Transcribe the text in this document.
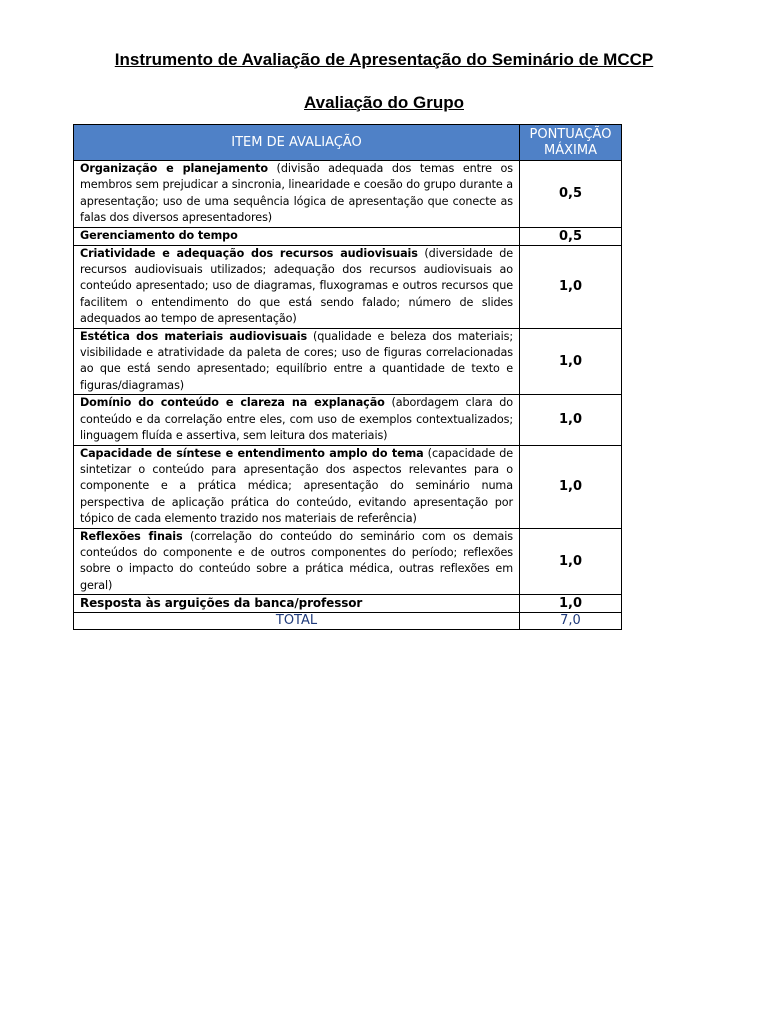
Instrumento de Avaliação de Apresentação do Seminário de MCCP
Avaliação do Grupo
ITEM DE AVALIAÇÃO	PONTUAÇÃO MÁXIMA
Organização e planejamento (divisão adequada dos temas entre os membros sem prejudicar a sincronia, linearidade e coesão do grupo durante a apresentação; uso de uma sequência lógica de apresentação que conecte as falas dos diversos apresentadores)	0,5
Gerenciamento do tempo	0,5
Criatividade e adequação dos recursos audiovisuais (diversidade de recursos audiovisuais utilizados; adequação dos recursos audiovisuais ao conteúdo apresentado; uso de diagramas, fluxogramas e outros recursos que facilitem o entendimento do que está sendo falado; número de slides adequados ao tempo de apresentação)	1,0
Estética dos materiais audiovisuais (qualidade e beleza dos materiais; visibilidade e atratividade da paleta de cores; uso de figuras correlacionadas ao que está sendo apresentado; equilíbrio entre a quantidade de texto e figuras/diagramas)	1,0
Domínio do conteúdo e clareza na explanação (abordagem clara do conteúdo e da correlação entre eles, com uso de exemplos contextualizados; linguagem fluída e assertiva, sem leitura dos materiais)	1,0
Capacidade de síntese e entendimento amplo do tema (capacidade de sintetizar o conteúdo para apresentação dos aspectos relevantes para o componente e a prática médica; apresentação do seminário numa perspectiva de aplicação prática do conteúdo, evitando apresentação por tópico de cada elemento trazido nos materiais de referência)	1,0
Reflexões finais (correlação do conteúdo do seminário com os demais conteúdos do componente e de outros componentes do período; reflexões sobre o impacto do conteúdo sobre a prática médica, outras reflexões em geral)	1,0
Resposta às arguições da banca/professor	1,0
TOTAL	7,0
